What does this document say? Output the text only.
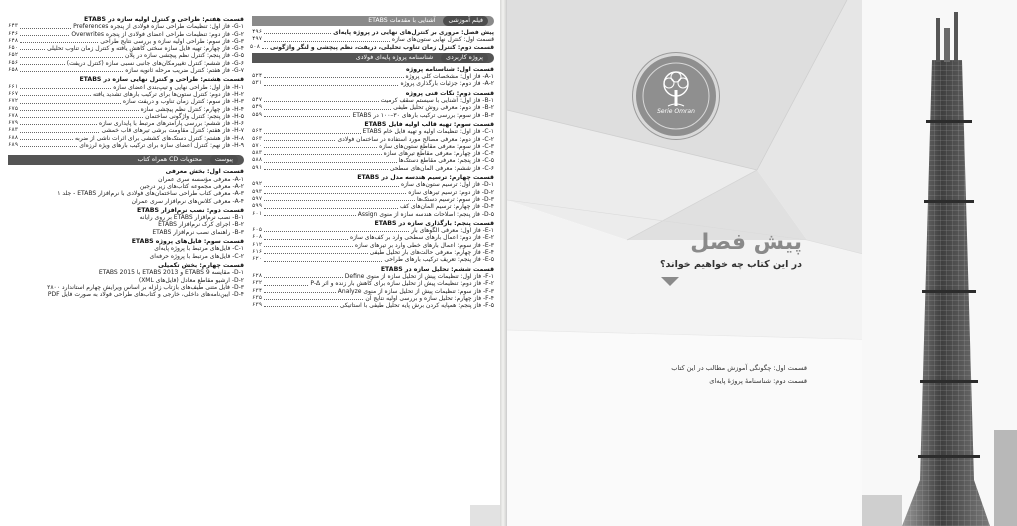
فیلم آموزشی آشنایی با مقدمات ETABS
پیش فصل: مروری بر کنترل‌های نهایی در پروژه پایه‌ای
۴۹۶
قسمت اول: کنترل نهایی ستون‌های سازه
۴۹۷
قسمت دوم: کنترل زمان تناوب تحلیلی، دریفت، نظم پیچشی و لنگر واژگونی
۵۰۸
پروژه کاربردی شناسنامه پروژه پایه‌ای فولادی
قسمت اول: شناسنامه پروژه
A-۱- فاز اول: مشخصات کلی پروژه
۵۲۴
A-۲- فاز دوم: جزئیات بارگذاری پروژه
۵۳۱
قسمت دوم: نکات فنی پروژه
B-۱- فاز اول: آشنایی با سیستم سقف کرمیت
۵۴۷
B-۲- فاز دوم: معرفی روش تحلیل طیفی
۵۴۹
B-۳- فاز سوم: بررسی ترکیب بارهای ۳۰–۱۰۰ در ETABS
۵۵۹
قسمت سوم: تهیه قالب اولیه فایل ETABS
C-۱- فاز اول: تنظیمات اولیه و تهیه فایل خام ETABS
۵۶۴
C-۲- فاز دوم: معرفی مصالح مورد استفاده در ساختمان فولادی
۵۶۳
C-۳- فاز سوم: معرفی مقاطع ستون‌های سازه
۵۷۰
C-۴- فاز چهارم: معرفی مقاطع تیرهای سازه
۵۸۳
C-۵- فاز پنجم: معرفی مقاطع دستک‌ها
۵۸۸
C-۶- فاز ششم: معرفی المان‌های سطحی
۵۹۱
قسمت چهارم: ترسیم هندسه مدل در ETABS
D-۱- فاز اول: ترسیم ستون‌های سازه
۵۹۲
D-۲- فاز دوم: ترسیم تیرهای سازه
۵۹۳
D-۳- فاز سوم: ترسیم دستک‌ها
۵۹۷
D-۴- فاز چهارم: ترسیم المان‌های کف
۵۹۹
D-۵- فاز پنجم: اصلاحات هندسه سازه از منوی Assign
۶۰۱
قسمت پنجم: بارگذاری سازه در ETABS
E-۱- فاز اول: معرفی الگوهای بار
۶۰۵
E-۲- فاز دوم: اعمال بارهای سطحی وارد بر کف‌های سازه
۶۰۸
E-۳- فاز سوم: اعمال بارهای خطی وارد بر تیرهای سازه
۶۱۲
E-۴- فاز چهارم: معرفی حالت‌های بار تحلیل طیفی
۶۱۶
E-۵- فاز پنجم: تعریف ترکیب بارهای طراحی
۶۲۰
قسمت ششم: تحلیل سازه در ETABS
F-۱- فاز اول: تنظیمات پیش از تحلیل سازه از منوی Define
۶۲۸
F-۲- فاز دوم: تنظیمات پیش از تحلیل سازه برای کاهش بار زنده و اثر P-Δ
۶۳۲
F-۳- فاز سوم: تنظیمات پیش از تحلیل سازه از منوی Analyze
۶۳۴
F-۴- فاز چهارم: تحلیل سازه و بررسی اولیه نتایج آن
۶۳۵
F-۵- فاز پنجم: همپایه کردن برش پایه تحلیل طیفی با استاتیکی
۶۳۹
قسمت هفتم: طراحی و کنترل اولیه سازه در ETABS
G-۱- فاز اول: تنظیمات طراحی سازه فولادی از پنجره Preferences
۶۴۳
G-۲- فاز دوم: تنظیمات طراحی اعضای فولادی از پنجره Overwrites
۶۴۶
G-۳- فاز سوم: طراحی اولیه سازه و بررسی نتایج طراحی
۶۴۸
G-۴- فاز چهارم: تهیه فایل سازه سختی کاهش یافته و کنترل زمان تناوب تحلیلی
۶۵۰
G-۵- فاز پنجم: کنترل نظم پیچشی سازه در پلان
۶۵۲
G-۶- فاز ششم: کنترل تغییرمکان‌های جانبی نسبی سازه (کنترل دریفت)
۶۵۶
G-۷- فاز هفتم: کنترل ضریب مرحله ثانویه سازه
۶۵۸
قسمت هشتم: طراحی و کنترل نهایی سازه در ETABS
H-۱- فاز اول: طراحی نهایی و تیپ‌بندی اعضای سازه
۶۶۱
H-۲- فاز دوم: کنترل ستون‌ها برای ترکیب بارهای تشدید یافته
۶۶۷
H-۳- فاز سوم: کنترل زمان تناوب و دریفت سازه
۶۷۲
H-۴- فاز چهارم: کنترل نظم پیچشی سازه
۶۷۵
H-۵- فاز پنجم: کنترل واژگونی ساختمان
۶۷۸
H-۶- فاز ششم: بررسی پارامترهای مرتبط با پایداری سازه
۶۷۹
H-۷- فاز هفتم: کنترل مقاومت برشی تیرهای قاب خمشی
۶۸۳
H-۸- فاز هشتم: کنترل دستک‌های کششی برای اثرات ناشی از ضربه
۶۸۸
H-۹- فاز نهم: کنترل اعضای سازه برای ترکیب بارهای ویژه لرزه‌ای
۶۸۹
پیوست محتویات CD همراه کتاب
قسمت اول: بخش معرفی
A-۱- معرفی مؤسسه سری عمران
A-۲- معرفی مجموعه کتاب‌های زیر درجین
A-۳- معرفی کتاب طراحی ساختمان‌های فولادی با نرم‌افزار ETABS - جلد ۱
A-۴- معرفی کلاس‌های نرم‌افزار سری عمران
قسمت دوم: نصب نرم‌افزار ETABS
B-۱- نصب نرم‌افزار ETABS بر روی رایانه
B-۲- اجرای کرک نرم‌افزار ETABS
B-۳- راهنمای نصب نرم‌افزار ETABS
قسمت سوم: فایل‌های پروژه ETABS
C-۱- فایل‌های مرتبط با پروژه پایه‌ای
C-۲- فایل‌های مرتبط با پروژه حرفه‌ای
قسمت چهارم: بخش تکمیلی
D-۱- مقایسه ETABS 9 و ETABS 2013 با ETABS 2015
D-۲- ارشیو مقاطع معادل (فایل‌های XML)
D-۳- فایل متنی طیف‌های بازتاب زلزله بر اساس ویرایش چهارم استاندارد ۲۸۰۰
D-۴- آیین‌نامه‌های داخلی، خارجی و کتاب‌های طراحی فولاد به صورت فایل PDF
Serie Omran
پیش فصل
در این کتاب چه خواهیم خواند؟
قسمت اول: چگونگی آموزش مطالب در این کتاب
قسمت دوم: شناسنامهٔ پروژهٔ پایه‌ای
